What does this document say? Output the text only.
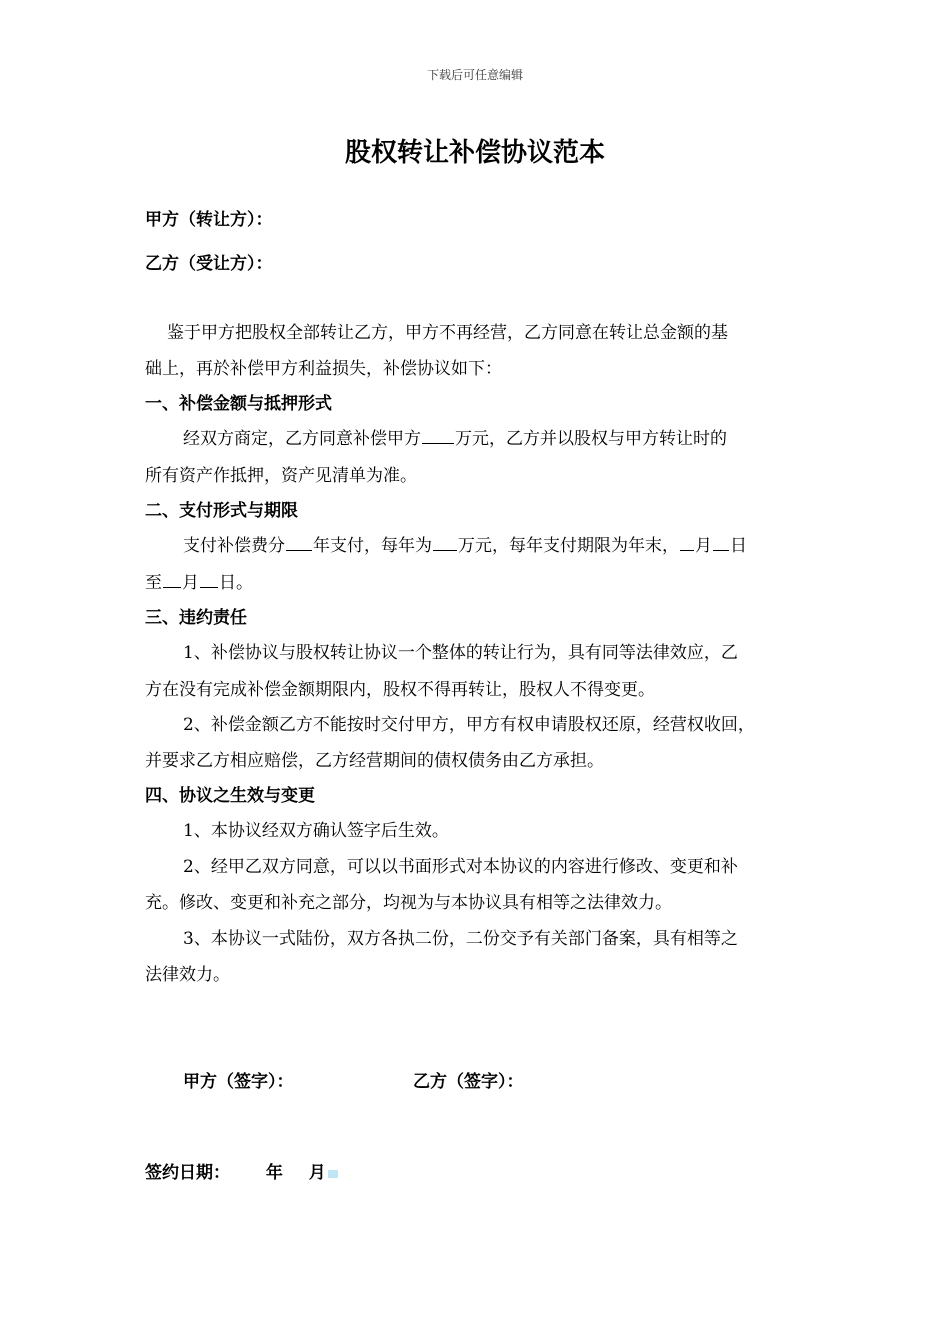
下载后可任意编辑
股权转让补偿协议范本
甲方（转让方）：
乙方（受让方）：
鉴于甲方把股权全部转让乙方，甲方不再经营，乙方同意在转让总金额的基
础上，再於补偿甲方利益损失，补偿协议如下：
一、补偿金额与抵押形式
经双方商定，乙方同意补偿甲方 万元，乙方并以股权与甲方转让时的
所有资产作抵押，资产见清单为准。
二、支付形式与期限
支付补偿费分 年支付，每年为 万元，每年支付期限为年末， 月 日
至 月 日。
三、违约责任
1、补偿协议与股权转让协议一个整体的转让行为，具有同等法律效应，乙
方在没有完成补偿金额期限内，股权不得再转让，股权人不得变更。
2、补偿金额乙方不能按时交付甲方，甲方有权申请股权还原，经营权收回，
并要求乙方相应赔偿，乙方经营期间的债权债务由乙方承担。
四、协议之生效与变更
1、本协议经双方确认签字后生效。
2、经甲乙双方同意，可以以书面形式对本协议的内容进行修改、变更和补
充。修改、变更和补充之部分，均视为与本协议具有相等之法律效力。
3、本协议一式陆份，双方各执二份，二份交予有关部门备案，具有相等之
法律效力。
甲方（签字）：	乙方（签字）：
签约日期： 年 月
